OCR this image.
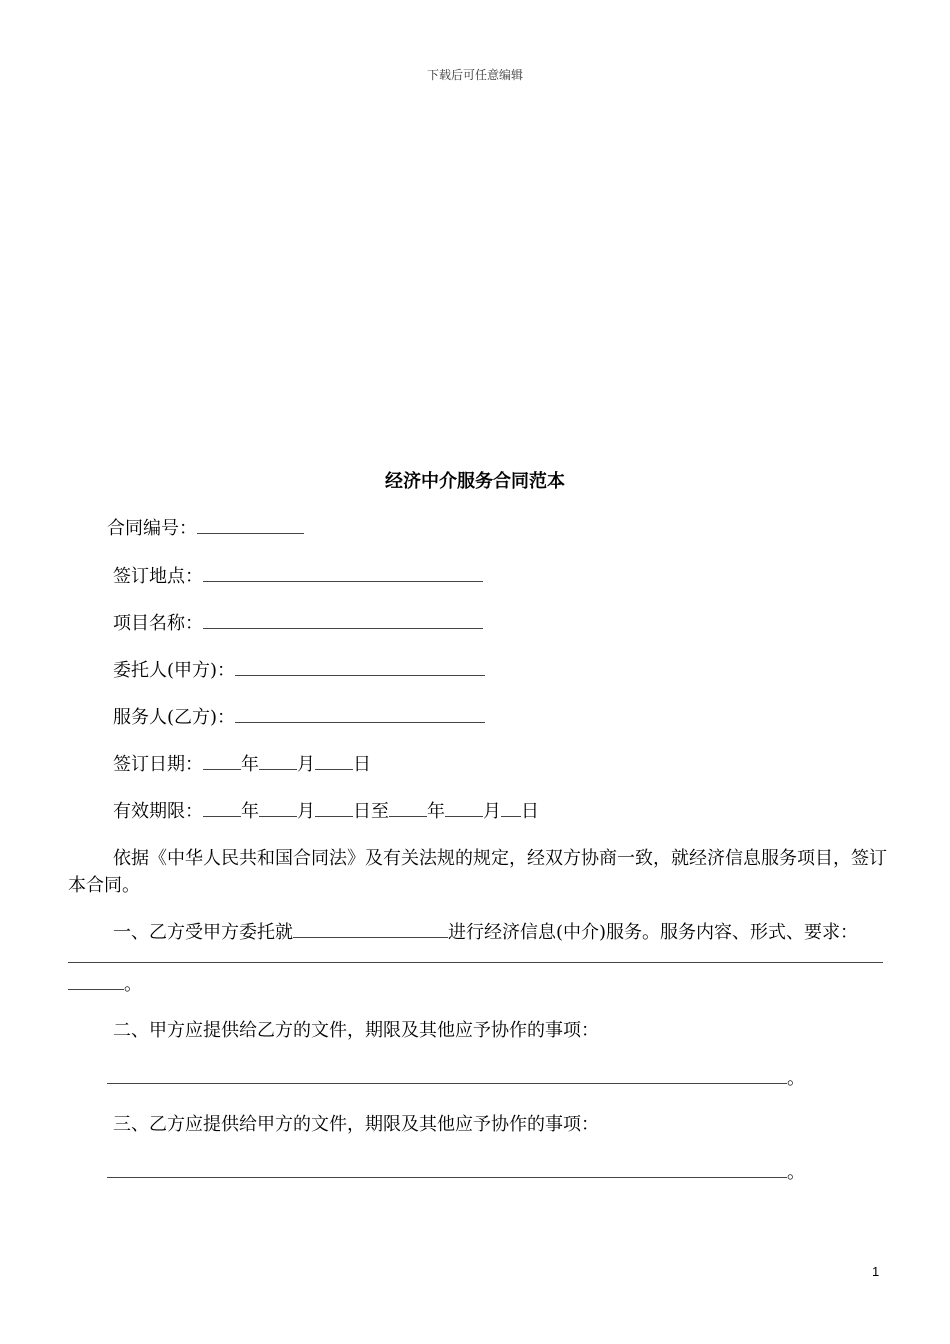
下载后可任意编辑
经济中介服务合同范本
合同编号：
签订地点：
项目名称：
委托人(甲方)：
服务人(乙方)：
签订日期： 年 月 日
有效期限： 年 月 日至 年 月 日
依据《中华人民共和国合同法》及有关法规的规定，经双方协商一致，就经济信息服务项目，签订本合同。
一、乙方受甲方委托就	进行经济信息(中介)服务。服务内容、形式、要求：
。
二、甲方应提供给乙方的文件，期限及其他应予协作的事项：
。
三、乙方应提供给甲方的文件，期限及其他应予协作的事项：
。
1
